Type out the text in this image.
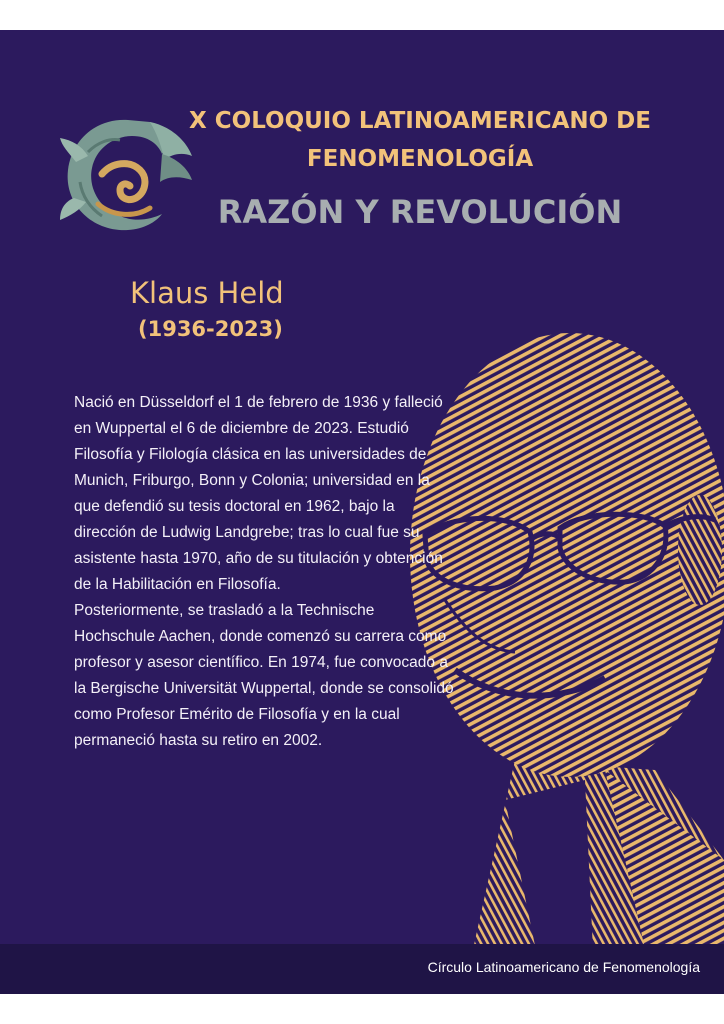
X COLOQUIO LATINOAMERICANO DE
FENOMENOLOGÍA
RAZÓN Y REVOLUCIÓN
Klaus Held
(1936-2023)

Nació en Düsseldorf el 1 de febrero de 1936 y falleció en Wuppertal el 6 de diciembre de 2023. Estudió Filosofía y Filología clásica en las universidades de Munich, Friburgo, Bonn y Colonia; universidad en la que defendió su tesis doctoral en 1962, bajo la dirección de Ludwig Landgrebe; tras lo cual fue su asistente hasta 1970, año de su titulación y obtención de la Habilitación en Filosofía.

Posteriormente, se trasladó a la Technische Hochschule Aachen, donde comenzó su carrera como profesor y asesor científico. En 1974, fue convocado a la Bergische Universität Wuppertal, donde se consolidó como Profesor Emérito de Filosofía y en la cual permaneció hasta su retiro en 2002.

Círculo Latinoamericano de Fenomenología
